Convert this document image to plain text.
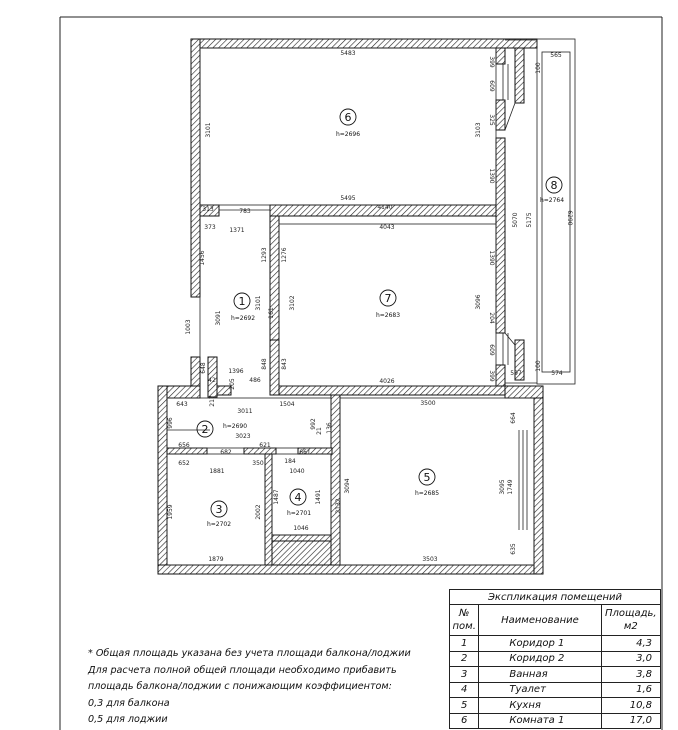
5483	565
399
609
100
3101	3103
325
1390
5495
4140
313
373
783
1371
5070 5175	6290
1456	1293 1276
4043
1390
3091
3101	3102	3096
1003
161	204
609
848 843
648	1396
4026	399	597
100
574
486
205
42
643	217	1504	3500
3011
992
664
996
3023
21 136
656
682
621
661
652
1881
350	184
1040
3094	3095 1749
1959	2002
1487	1491
2132
1046
635
1879	3503
6
h=2696
7
h=2683
1
h=2692
2 h=2690
3
h=2702
4
h=2701
5
h=2685
8
h=2764
* Общая площадь указана без учета площади балкона/лоджии
Для расчета полной общей площади необходимо прибавить
площадь балкона/лоджии с понижающим коэффициентом:
0,3 для балкона
0,5 для лоджии
Экспликация помещений		
№ пом.	Наименование	Площадь, м2
1	Коридор 1	4,3
2	Коридор 2	3,0
3	Ванная	3,8
4	Туалет	1,6
5	Кухня	10,8
6	Комната 1	17,0
